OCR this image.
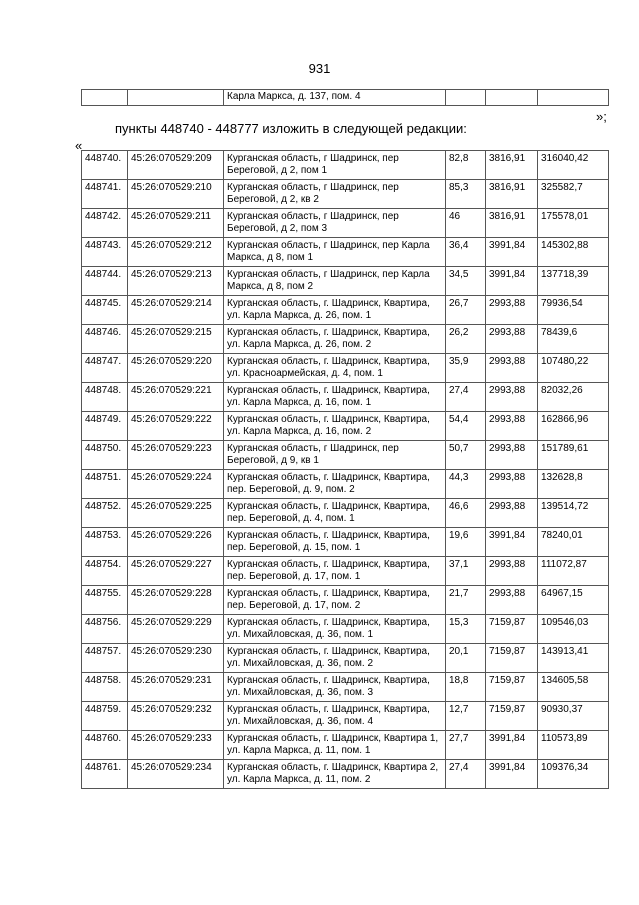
931
		Карла Маркса, д. 137, пом. 4			
»;
пункты 448740 - 448777 изложить в следующей редакции:
«
448740.	45:26:070529:209	Курганская область, г Шадринск, пер Береговой, д 2, пом 1	82,8	3816,91	316040,42
448741.	45:26:070529:210	Курганская область, г Шадринск, пер Береговой, д 2, кв 2	85,3	3816,91	325582,7
448742.	45:26:070529:211	Курганская область, г Шадринск, пер Береговой, д 2, пом 3	46	3816,91	175578,01
448743.	45:26:070529:212	Курганская область, г Шадринск, пер Карла Маркса, д 8, пом 1	36,4	3991,84	145302,88
448744.	45:26:070529:213	Курганская область, г Шадринск, пер Карла Маркса, д 8, пом 2	34,5	3991,84	137718,39
448745.	45:26:070529:214	Курганская область, г. Шадринск, Квартира, ул. Карла Маркса, д. 26, пом. 1	26,7	2993,88	79936,54
448746.	45:26:070529:215	Курганская область, г. Шадринск, Квартира, ул. Карла Маркса, д. 26, пом. 2	26,2	2993,88	78439,6
448747.	45:26:070529:220	Курганская область, г. Шадринск, Квартира, ул. Красноармейская, д. 4, пом. 1	35,9	2993,88	107480,22
448748.	45:26:070529:221	Курганская область, г. Шадринск, Квартира, ул. Карла Маркса, д. 16, пом. 1	27,4	2993,88	82032,26
448749.	45:26:070529:222	Курганская область, г. Шадринск, Квартира, ул. Карла Маркса, д. 16, пом. 2	54,4	2993,88	162866,96
448750.	45:26:070529:223	Курганская область, г Шадринск, пер Береговой, д 9, кв 1	50,7	2993,88	151789,61
448751.	45:26:070529:224	Курганская область, г. Шадринск, Квартира, пер. Береговой, д. 9, пом. 2	44,3	2993,88	132628,8
448752.	45:26:070529:225	Курганская область, г. Шадринск, Квартира, пер. Береговой, д. 4, пом. 1	46,6	2993,88	139514,72
448753.	45:26:070529:226	Курганская область, г. Шадринск, Квартира, пер. Береговой, д. 15, пом. 1	19,6	3991,84	78240,01
448754.	45:26:070529:227	Курганская область, г. Шадринск, Квартира, пер. Береговой, д. 17, пом. 1	37,1	2993,88	111072,87
448755.	45:26:070529:228	Курганская область, г. Шадринск, Квартира, пер. Береговой, д. 17, пом. 2	21,7	2993,88	64967,15
448756.	45:26:070529:229	Курганская область, г. Шадринск, Квартира, ул. Михайловская, д. 36, пом. 1	15,3	7159,87	109546,03
448757.	45:26:070529:230	Курганская область, г. Шадринск, Квартира, ул. Михайловская, д. 36, пом. 2	20,1	7159,87	143913,41
448758.	45:26:070529:231	Курганская область, г. Шадринск, Квартира, ул. Михайловская, д. 36, пом. 3	18,8	7159,87	134605,58
448759.	45:26:070529:232	Курганская область, г. Шадринск, Квартира, ул. Михайловская, д. 36, пом. 4	12,7	7159,87	90930,37
448760.	45:26:070529:233	Курганская область, г. Шадринск, Квартира 1, ул. Карла Маркса, д. 11, пом. 1	27,7	3991,84	110573,89
448761.	45:26:070529:234	Курганская область, г. Шадринск, Квартира 2, ул. Карла Маркса, д. 11, пом. 2	27,4	3991,84	109376,34
